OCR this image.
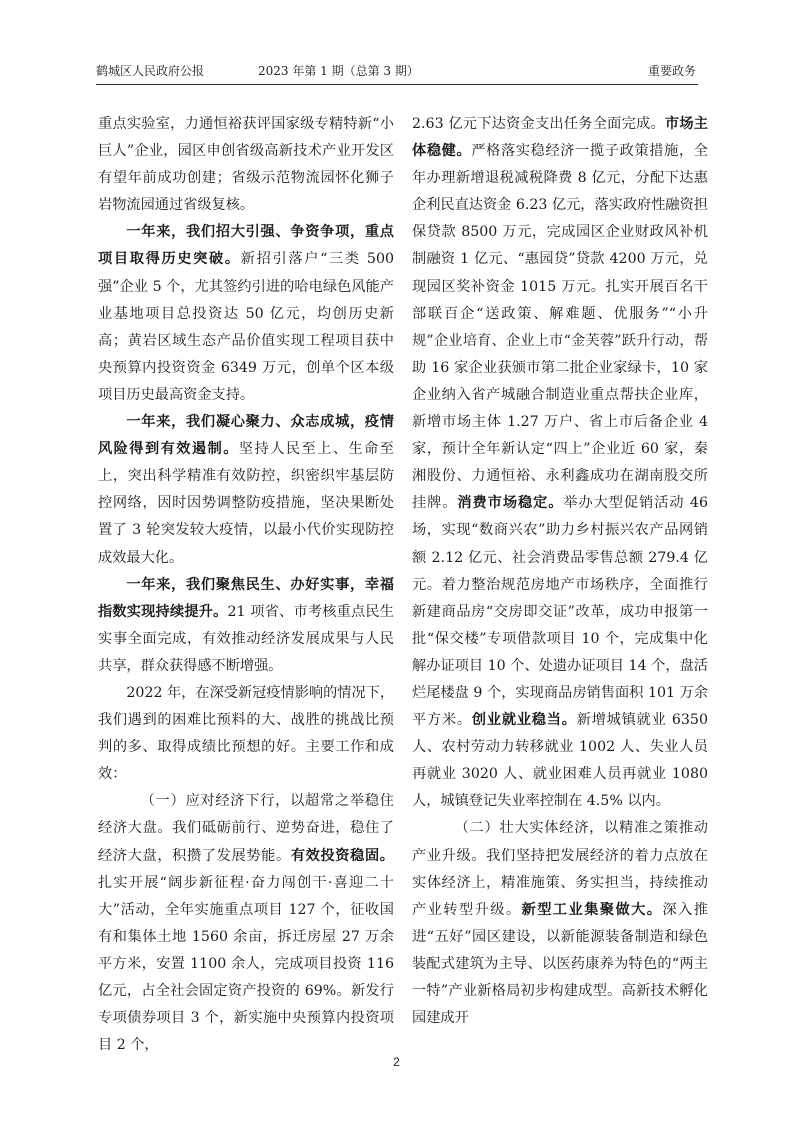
鹤城区人民政府公报	2023 年第 1 期（总第 3 期）	重要政务

重点实验室，力通恒裕获评国家级专精特新“小巨人”企业，园区申创省级高新技术产业开发区有望年前成功创建；省级示范物流园怀化狮子岩物流园通过省级复核。

一年来，我们招大引强、争资争项，重点项目取得历史突破。新招引落户“三类 500 强”企业 5 个，尤其签约引进的哈电绿色风能产业基地项目总投资达 50 亿元，均创历史新高；黄岩区域生态产品价值实现工程项目获中央预算内投资资金 6349 万元，创单个区本级项目历史最高资金支持。

一年来，我们凝心聚力、众志成城，疫情风险得到有效遏制。坚持人民至上、生命至上，突出科学精准有效防控，织密织牢基层防控网络，因时因势调整防疫措施，坚决果断处置了 3 轮突发较大疫情，以最小代价实现防控成效最大化。

一年来，我们聚焦民生、办好实事，幸福指数实现持续提升。21 项省、市考核重点民生实事全面完成，有效推动经济发展成果与人民共享，群众获得感不断增强。

2022 年，在深受新冠疫情影响的情况下，我们遇到的困难比预料的大、战胜的挑战比预判的多、取得成绩比预想的好。主要工作和成效：

（一）应对经济下行，以超常之举稳住经济大盘。我们砥砺前行、逆势奋进，稳住了经济大盘，积攒了发展势能。有效投资稳固。扎实开展“阔步新征程·奋力闯创干·喜迎二十大”活动，全年实施重点项目 127 个，征收国有和集体土地 1560 余亩，拆迁房屋 27 万余平方米，安置 1100 余人，完成项目投资 116 亿元，占全社会固定资产投资的 69%。新发行专项债券项目 3 个，新实施中央预算内投资项目 2 个，

2.63 亿元下达资金支出任务全面完成。市场主体稳健。严格落实稳经济一揽子政策措施，全年办理新增退税减税降费 8 亿元，分配下达惠企利民直达资金 6.23 亿元，落实政府性融资担保贷款 8500 万元，完成园区企业财政风补机制融资 1 亿元、“惠园贷”贷款 4200 万元，兑现园区奖补资金 1015 万元。扎实开展百名干部联百企“送政策、解难题、优服务”“小升规”企业培育、企业上市“金芙蓉”跃升行动，帮助 16 家企业获颁市第二批企业家绿卡，10 家企业纳入省产城融合制造业重点帮扶企业库，新增市场主体 1.27 万户、省上市后备企业 4 家，预计全年新认定“四上”企业近 60 家，秦湘股份、力通恒裕、永利鑫成功在湖南股交所挂牌。消费市场稳定。举办大型促销活动 46 场，实现“数商兴农”助力乡村振兴农产品网销额 2.12 亿元、社会消费品零售总额 279.4 亿元。着力整治规范房地产市场秩序，全面推行新建商品房“交房即交证”改革，成功申报第一批“保交楼”专项借款项目 10 个，完成集中化解办证项目 10 个、处遗办证项目 14 个，盘活烂尾楼盘 9 个，实现商品房销售面积 101 万余平方米。创业就业稳当。新增城镇就业 6350 人、农村劳动力转移就业 1002 人、失业人员再就业 3020 人、就业困难人员再就业 1080 人，城镇登记失业率控制在 4.5% 以内。

（二）壮大实体经济，以精准之策推动产业升级。我们坚持把发展经济的着力点放在实体经济上，精准施策、务实担当，持续推动产业转型升级。新型工业集聚做大。深入推进“五好”园区建设，以新能源装备制造和绿色装配式建筑为主导、以医药康养为特色的“两主一特”产业新格局初步构建成型。高新技术孵化园建成开

2
